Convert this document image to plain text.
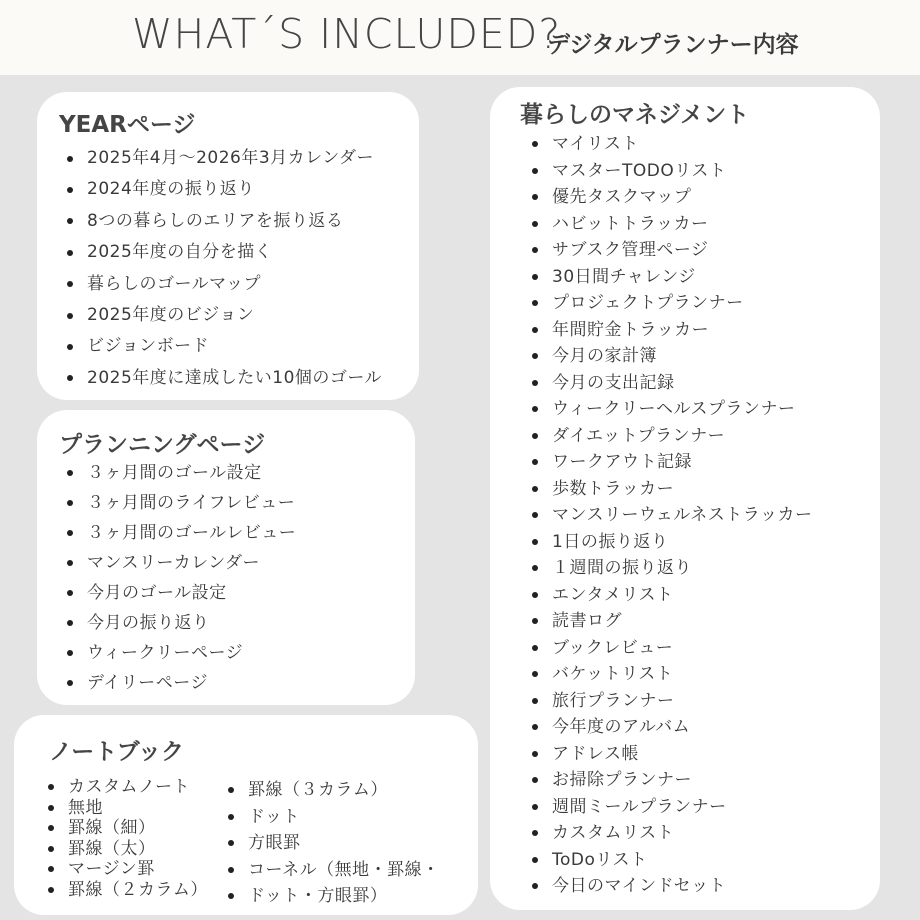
WHAT´S INCLUDED?
デジタルプランナー内容
YEARページ
2025年4月〜2026年3月カレンダー
2024年度の振り返り
8つの暮らしのエリアを振り返る
2025年度の自分を描く
暮らしのゴールマップ
2025年度のビジョン
ビジョンボード
2025年度に達成したい10個のゴール
プランニングページ
３ヶ月間のゴール設定
３ヶ月間のライフレビュー
３ヶ月間のゴールレビュー
マンスリーカレンダー
今月のゴール設定
今月の振り返り
ウィークリーページ
デイリーページ
ノートブック
カスタムノート
無地
罫線（細）
罫線（太）
マージン罫
罫線（２カラム）
罫線（３カラム）
ドット
方眼罫
コーネル（無地・罫線・
ドット・方眼罫）
暮らしのマネジメント
マイリスト
マスターTODOリスト
優先タスクマップ
ハビットトラッカー
サブスク管理ページ
30日間チャレンジ
プロジェクトプランナー
年間貯金トラッカー
今月の家計簿
今月の支出記録
ウィークリーヘルスプランナー
ダイエットプランナー
ワークアウト記録
歩数トラッカー
マンスリーウェルネストラッカー
1日の振り返り
１週間の振り返り
エンタメリスト
読書ログ
ブックレビュー
バケットリスト
旅行プランナー
今年度のアルバム
アドレス帳
お掃除プランナー
週間ミールプランナー
カスタムリスト
ToDoリスト
今日のマインドセット
